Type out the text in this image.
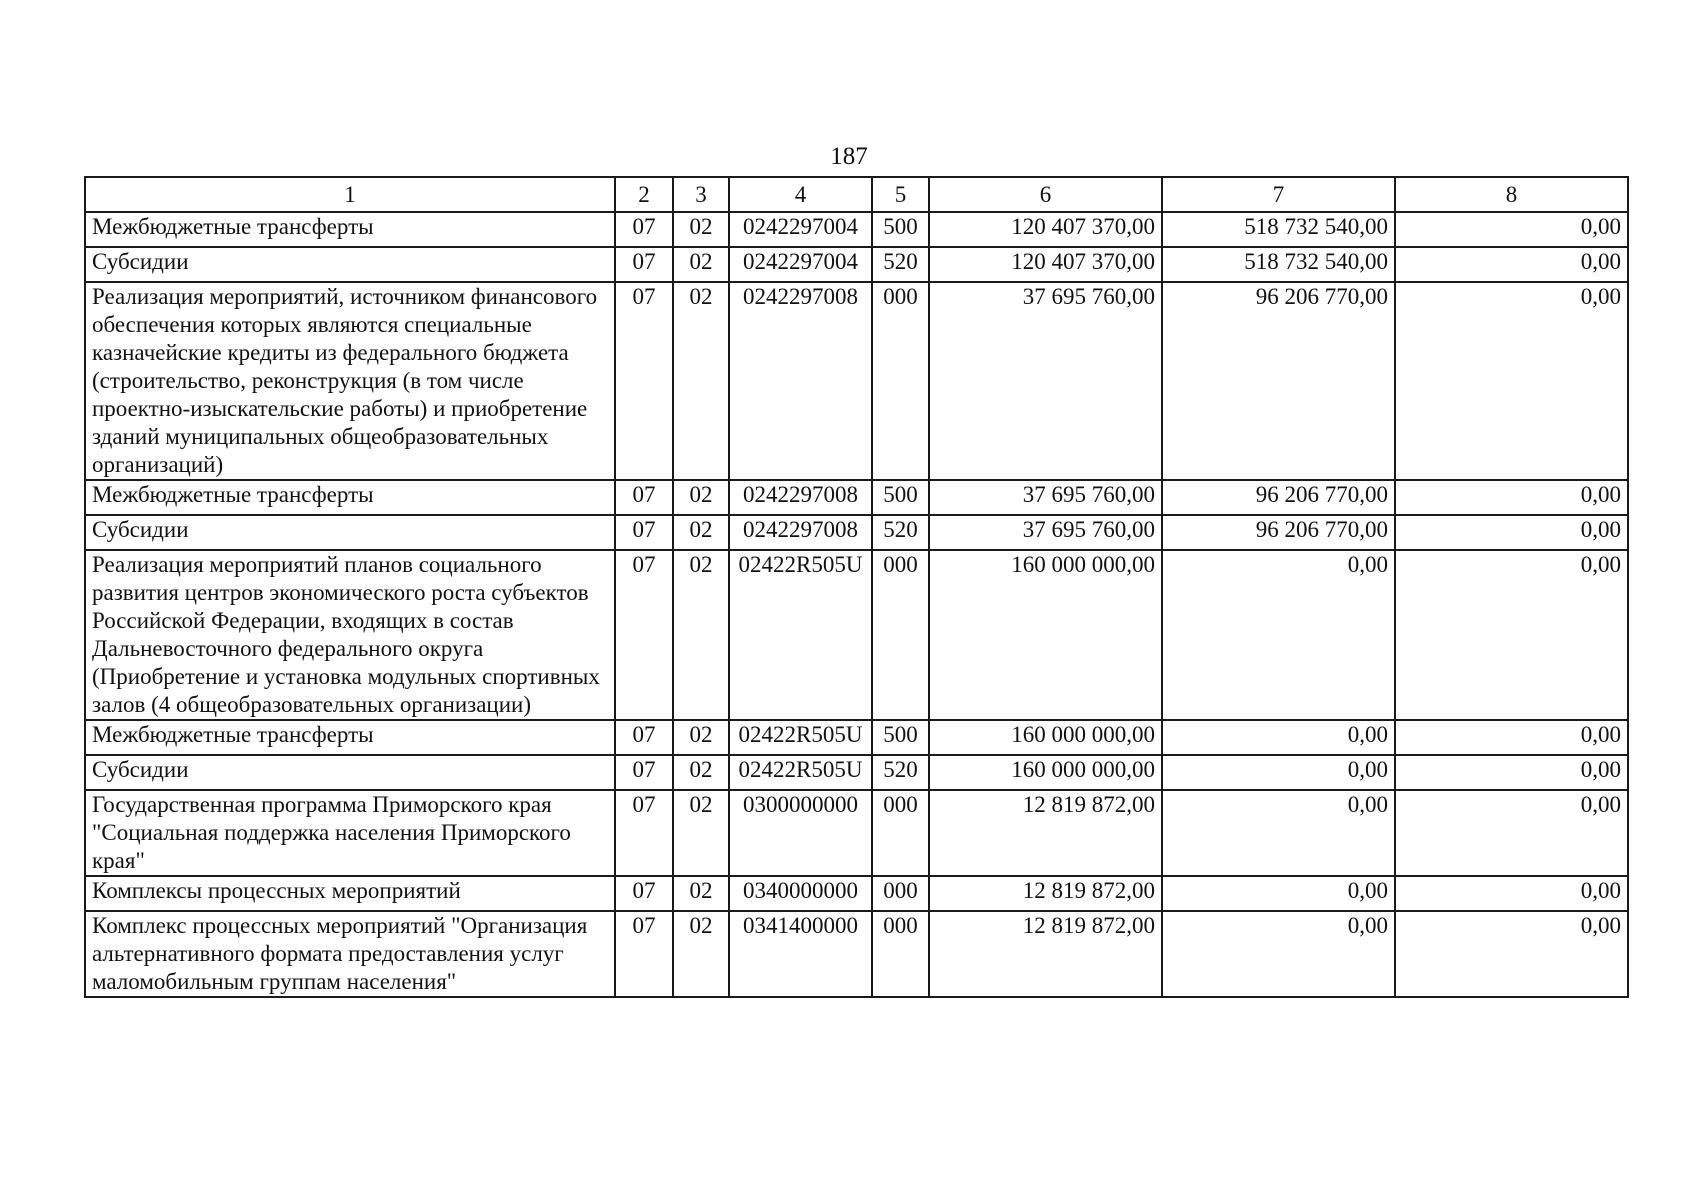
187
1	2	3	4	5	6	7	8
Межбюджетные трансферты	07	02	0242297004	500	120 407 370,00	518 732 540,00	0,00
Субсидии	07	02	0242297004	520	120 407 370,00	518 732 540,00	0,00
Реализация мероприятий, источником финансового обеспечения которых являются специальные казначейские кредиты из федерального бюджета (строительство, реконструкция (в том числе проектно-изыскательские работы) и приобретение зданий муниципальных общеобразовательных организаций)	07	02	0242297008	000	37 695 760,00	96 206 770,00	0,00
Межбюджетные трансферты	07	02	0242297008	500	37 695 760,00	96 206 770,00	0,00
Субсидии	07	02	0242297008	520	37 695 760,00	96 206 770,00	0,00
Реализация мероприятий планов социального развития центров экономического роста субъектов Российской Федерации, входящих в состав Дальневосточного федерального округа (Приобретение и установка модульных спортивных залов (4 общеобразовательных организации)	07	02	02422R505U	000	160 000 000,00	0,00	0,00
Межбюджетные трансферты	07	02	02422R505U	500	160 000 000,00	0,00	0,00
Субсидии	07	02	02422R505U	520	160 000 000,00	0,00	0,00
Государственная программа Приморского края "Социальная поддержка населения Приморского края"	07	02	0300000000	000	12 819 872,00	0,00	0,00
Комплексы процессных мероприятий	07	02	0340000000	000	12 819 872,00	0,00	0,00
Комплекс процессных мероприятий "Организация альтернативного формата предоставления услуг маломобильным группам населения"	07	02	0341400000	000	12 819 872,00	0,00	0,00
